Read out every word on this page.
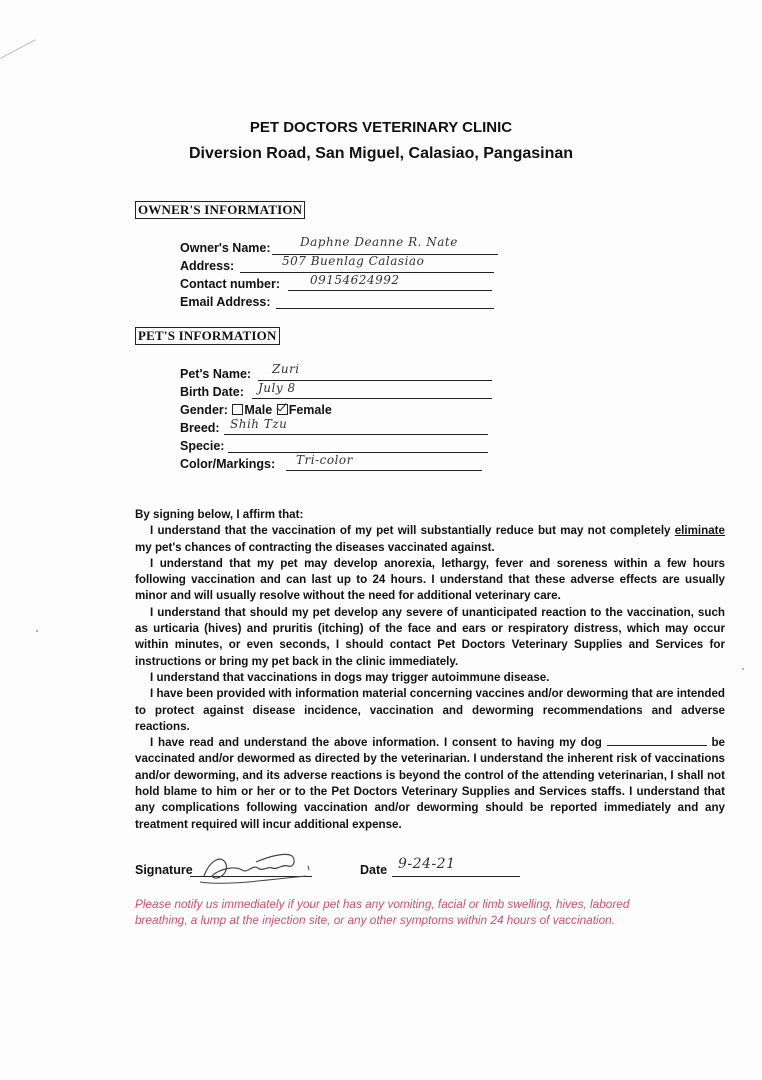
PET DOCTORS VETERINARY CLINIC
Diversion Road, San Miguel, Calasiao, Pangasinan
OWNER'S INFORMATION
Owner's Name: Daphne Deanne R. Nate
Address:	507 Buenlag Calasiao
Contact number:	09154624992
Email Address:
PET'S INFORMATION
Pet's Name: Zuri
Birth Date: July 8
Gender: Male Female
Breed: Shih Tzu
Specie:
Color/Markings: Tri-color

By signing below, I affirm that:

I understand that the vaccination of my pet will substantially reduce but may not completely eliminate my pet's chances of contracting the diseases vaccinated against.

I understand that my pet may develop anorexia, lethargy, fever and soreness within a few hours following vaccination and can last up to 24 hours. I understand that these adverse effects are usually minor and will usually resolve without the need for additional veterinary care.

I understand that should my pet develop any severe of unanticipated reaction to the vaccination, such as urticaria (hives) and pruritis (itching) of the face and ears or respiratory distress, which may occur within minutes, or even seconds, I should contact Pet Doctors Veterinary Supplies and Services for instructions or bring my pet back in the clinic immediately.

I understand that vaccinations in dogs may trigger autoimmune disease.

I have been provided with information material concerning vaccines and/or deworming that are intended to protect against disease incidence, vaccination and deworming recommendations and adverse reactions.

I have read and understand the above information. I consent to having my dog	be vaccinated and/or dewormed as directed by the veterinarian. I understand the inherent risk of vaccinations and/or deworming, and its adverse reactions is beyond the control of the attending veterinarian, I shall not hold blame to him or her or to the Pet Doctors Veterinary Supplies and Services staffs. I understand that any complications following vaccination and/or deworming should be reported immediately and any treatment required will incur additional expense.

Signature	Date 9-24-21

Please notify us immediately if your pet has any vomiting, facial or limb swelling, hives, labored

breathing, a lump at the injection site, or any other symptoms within 24 hours of vaccination.
